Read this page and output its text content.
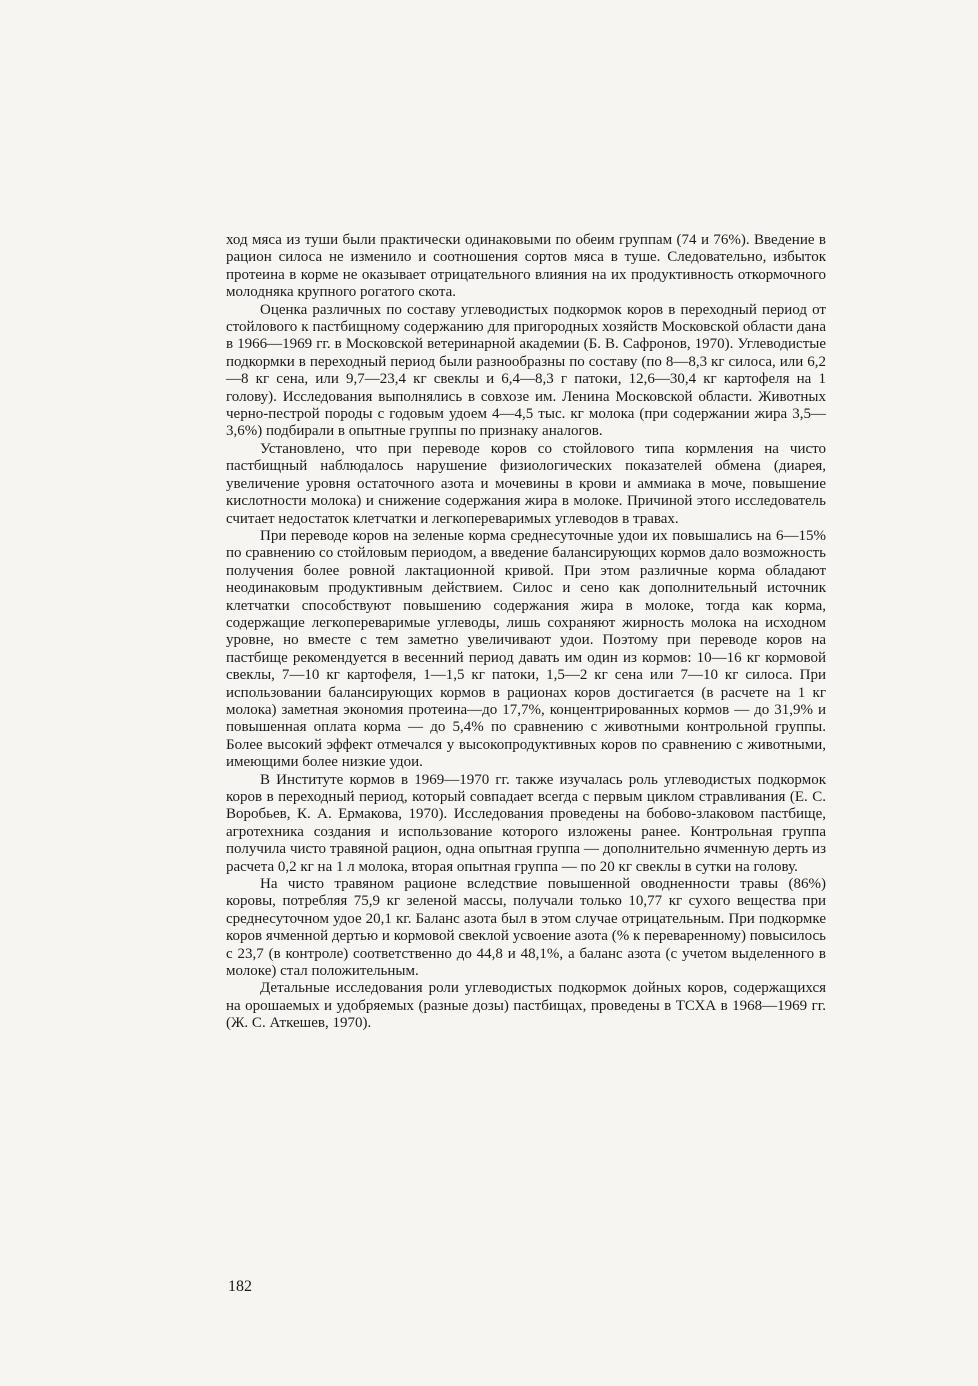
ход мяса из туши были практически одинаковыми по обеим группам (74 и 76%). Введение в рацион силоса не изменило и соотношения сортов мяса в туше. Следовательно, избыток протеина в корме не оказывает отрицательного влияния на их продуктивность откормочного молодняка крупного рогатого скота.

Оценка различных по составу углеводистых подкормок коров в переходный период от стойлового к пастбищному содержанию для пригородных хозяйств Московской области дана в 1966—1969 гг. в Московской ветеринарной академии (Б. В. Сафронов, 1970). Углеводистые подкормки в переходный период были разнообразны по составу (по 8—8,3 кг силоса, или 6,2—8 кг сена, или 9,7—23,4 кг свеклы и 6,4—8,3 г патоки, 12,6—30,4 кг картофеля на 1 голову). Исследования выполнялись в совхозе им. Ленина Московской области. Животных черно-пестрой породы с годовым удоем 4—4,5 тыс. кг молока (при содержании жира 3,5—3,6%) подбирали в опытные группы по признаку аналогов.

Установлено, что при переводе коров со стойлового типа кормления на чисто пастбищный наблюдалось нарушение физиологических показателей обмена (диарея, увеличение уровня остаточного азота и мочевины в крови и аммиака в моче, повышение кислотности молока) и снижение содержания жира в молоке. Причиной этого исследователь считает недостаток клетчатки и легкопереваримых углеводов в травах.

При переводе коров на зеленые корма среднесуточные удои их повышались на 6—15% по сравнению со стойловым периодом, а введение балансирующих кормов дало возможность получения более ровной лактационной кривой. При этом различные корма обладают неодинаковым продуктивным действием. Силос и сено как дополнительный источник клетчатки способствуют повышению содержания жира в молоке, тогда как корма, содержащие легкопереваримые углеводы, лишь сохраняют жирность молока на исходном уровне, но вместе с тем заметно увеличивают удои. Поэтому при переводе коров на пастбище рекомендуется в весенний период давать им один из кормов: 10—16 кг кормовой свеклы, 7—10 кг картофеля, 1—1,5 кг патоки, 1,5—2 кг сена или 7—10 кг силоса. При использовании балансирующих кормов в рационах коров достигается (в расчете на 1 кг молока) заметная экономия протеина—до 17,7%, концентрированных кормов — до 31,9% и повышенная оплата корма — до 5,4% по сравнению с животными контрольной группы. Более высокий эффект отмечался у высокопродуктивных коров по сравнению с животными, имеющими более низкие удои.

В Институте кормов в 1969—1970 гг. также изучалась роль углеводистых подкормок коров в переходный период, который совпадает всегда с первым циклом стравливания (Е. С. Воробьев, К. А. Ермакова, 1970). Исследования проведены на бобово-злаковом пастбище, агротехника создания и использование которого изложены ранее. Контрольная группа получила чисто травяной рацион, одна опытная группа — дополнительно ячменную дерть из расчета 0,2 кг на 1 л молока, вторая опытная группа — по 20 кг свеклы в сутки на голову.

На чисто травяном рационе вследствие повышенной оводненности травы (86%) коровы, потребляя 75,9 кг зеленой массы, получали только 10,77 кг сухого вещества при среднесуточном удое 20,1 кг. Баланс азота был в этом случае отрицательным. При подкормке коров ячменной дертью и кормовой свеклой усвоение азота (% к переваренному) повысилось с 23,7 (в контроле) соответственно до 44,8 и 48,1%, а баланс азота (с учетом выделенного в молоке) стал положительным.

Детальные исследования роли углеводистых подкормок дойных коров, содержащихся на орошаемых и удобряемых (разные дозы) пастбищах, проведены в ТСХА в 1968—1969 гг. (Ж. С. Аткешев, 1970).

182
